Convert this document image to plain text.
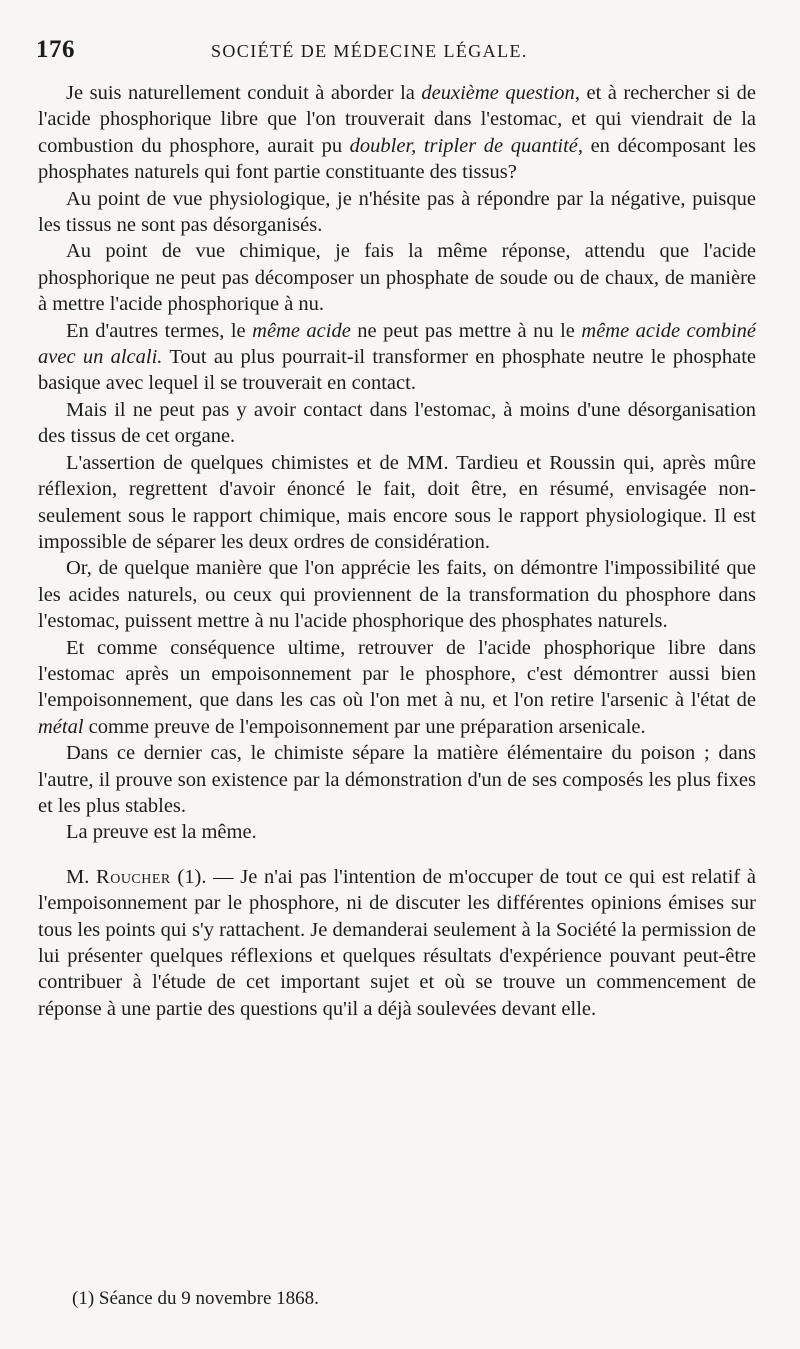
176	SOCIÉTÉ DE MÉDECINE LÉGALE.

Je suis naturellement conduit à aborder la deuxième question, et à rechercher si de l'acide phosphorique libre que l'on trouverait dans l'estomac, et qui viendrait de la combustion du phosphore, aurait pu doubler, tripler de quantité, en décomposant les phosphates naturels qui font partie constituante des tissus?

Au point de vue physiologique, je n'hésite pas à répondre par la négative, puisque les tissus ne sont pas désorganisés.

Au point de vue chimique, je fais la même réponse, attendu que l'acide phosphorique ne peut pas décomposer un phosphate de soude ou de chaux, de manière à mettre l'acide phosphorique à nu.

En d'autres termes, le même acide ne peut pas mettre à nu le même acide combiné avec un alcali. Tout au plus pourrait-il transformer en phosphate neutre le phosphate basique avec lequel il se trouverait en contact.

Mais il ne peut pas y avoir contact dans l'estomac, à moins d'une désorganisation des tissus de cet organe.

L'assertion de quelques chimistes et de MM. Tardieu et Roussin qui, après mûre réflexion, regrettent d'avoir énoncé le fait, doit être, en résumé, envisagée non-seulement sous le rapport chimique, mais encore sous le rapport physiologique. Il est impossible de séparer les deux ordres de considération.

Or, de quelque manière que l'on apprécie les faits, on démontre l'impossibilité que les acides naturels, ou ceux qui proviennent de la transformation du phosphore dans l'estomac, puissent mettre à nu l'acide phosphorique des phosphates naturels.

Et comme conséquence ultime, retrouver de l'acide phosphorique libre dans l'estomac après un empoisonnement par le phosphore, c'est démontrer aussi bien l'empoisonnement, que dans les cas où l'on met à nu, et l'on retire l'arsenic à l'état de métal comme preuve de l'empoisonnement par une préparation arsenicale.

Dans ce dernier cas, le chimiste sépare la matière élémentaire du poison ; dans l'autre, il prouve son existence par la démonstration d'un de ses composés les plus fixes et les plus stables.

La preuve est la même.

M. Roucher (1). — Je n'ai pas l'intention de m'occuper de tout ce qui est relatif à l'empoisonnement par le phosphore, ni de discuter les différentes opinions émises sur tous les points qui s'y rattachent. Je demanderai seulement à la Société la permission de lui présenter quelques réflexions et quelques résultats d'expérience pouvant peut-être contribuer à l'étude de cet important sujet et où se trouve un commencement de réponse à une partie des questions qu'il a déjà soulevées devant elle.

(1) Séance du 9 novembre 1868.
